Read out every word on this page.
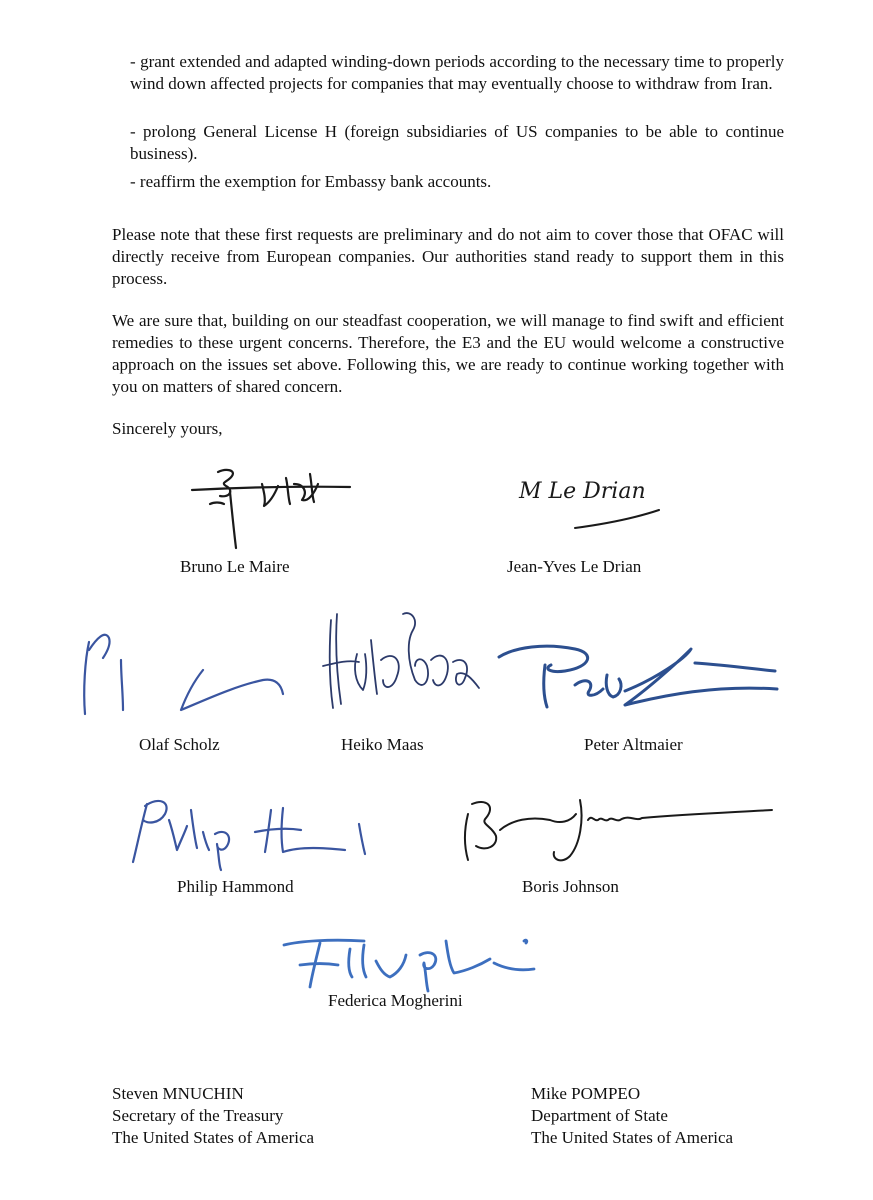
- grant extended and adapted winding-down periods according to the necessary time to properly wind down affected projects for companies that may eventually choose to withdraw from Iran.
- prolong General License H (foreign subsidiaries of US companies to be able to continue business).
- reaffirm the exemption for Embassy bank accounts.
Please note that these first requests are preliminary and do not aim to cover those that OFAC will directly receive from European companies. Our authorities stand ready to support them in this process.
We are sure that, building on our steadfast cooperation, we will manage to find swift and efficient remedies to these urgent concerns. Therefore, the E3 and the EU would welcome a constructive approach on the issues set above. Following this, we are ready to continue working together with you on matters of shared concern.
Sincerely yours,
Bruno Le Maire
M Le Drian
Jean-Yves Le Drian
Olaf Scholz	Heiko Maas	Peter Altmaier
Philip Hammond	Boris Johnson
Federica Mogherini
Steven MNUCHIN
Secretary of the Treasury
The United States of America
Mike POMPEO
Department of State
The United States of America
